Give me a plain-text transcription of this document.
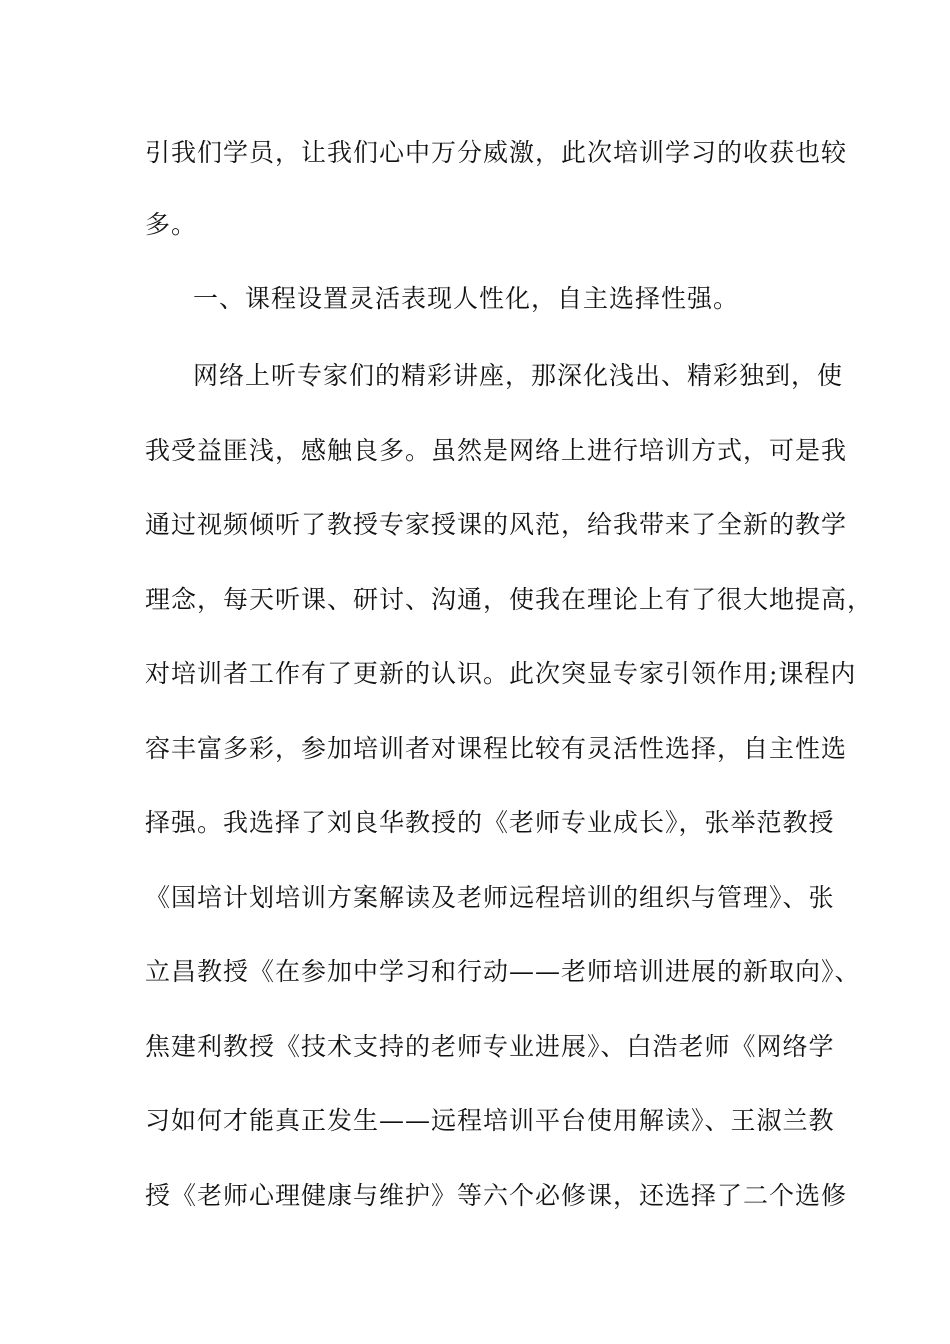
引我们学员，让我们心中万分威激，此次培训学习的收获也较
多。
一、课程设置灵活表现人性化，自主选择性强。
网络上听专家们的精彩讲座，那深化浅出、精彩独到，使
我受益匪浅，感触良多。虽然是网络上进行培训方式，可是我
通过视频倾听了教授专家授课的风范，给我带来了全新的教学
理念，每天听课、研讨、沟通，使我在理论上有了很大地提高，
对培训者工作有了更新的认识。此次突显专家引领作用;课程内
容丰富多彩，参加培训者对课程比较有灵活性选择，自主性选
择强。我选择了刘良华教授的《老师专业成长》，张举范教授
《国培计划培训方案解读及老师远程培训的组织与管理》、张
立昌教授《在参加中学习和行动——老师培训进展的新取向》、
焦建利教授《技术支持的老师专业进展》、白浩老师《网络学
习如何才能真正发生——远程培训平台使用解读》、王淑兰教
授《老师心理健康与维护》等六个必修课，还选择了二个选修
